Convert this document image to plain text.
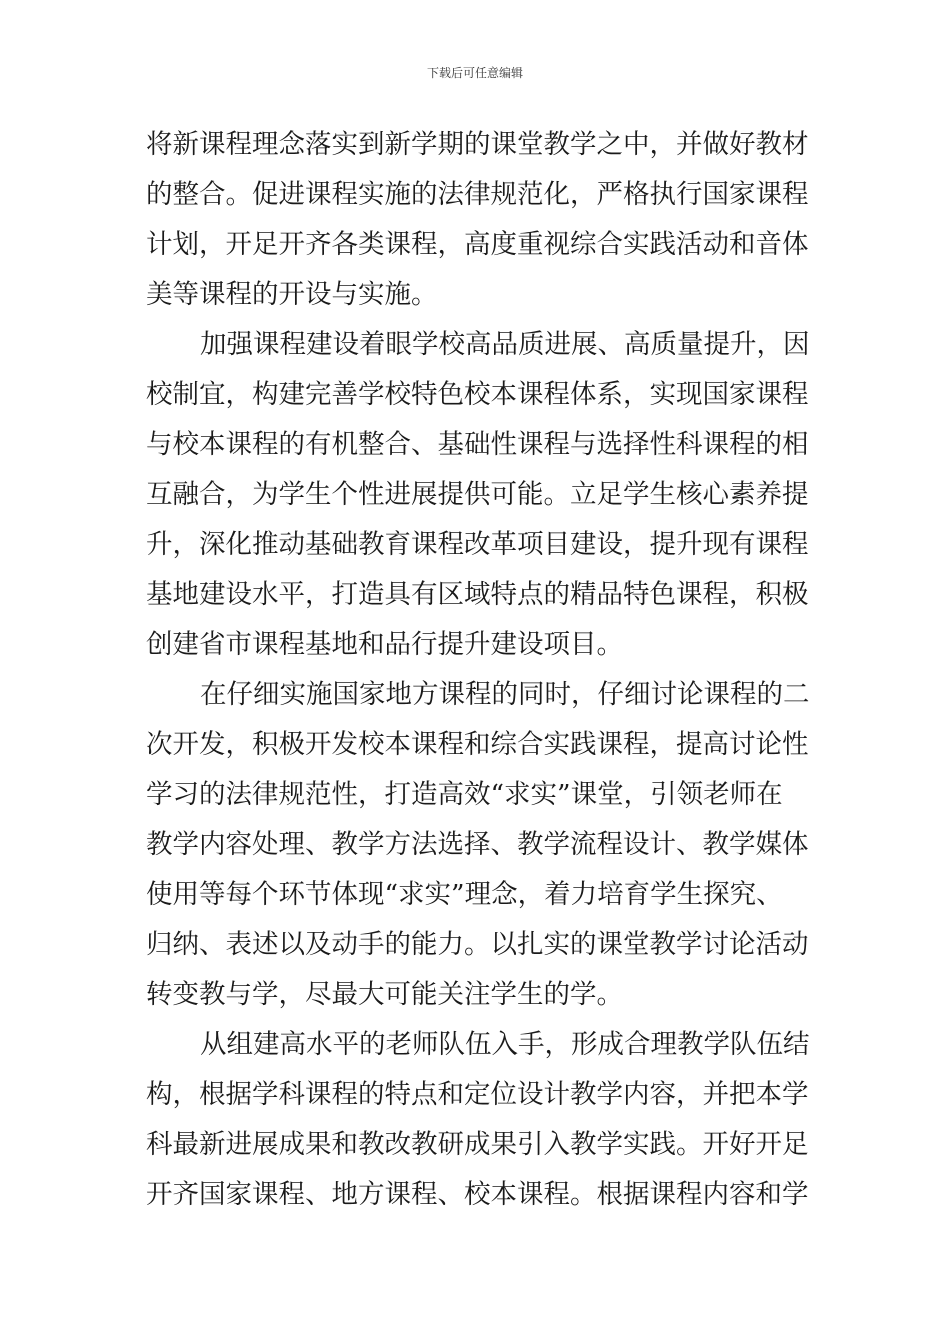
下载后可任意编辑
将新课程理念落实到新学期的课堂教学之中，并做好教材
的整合。促进课程实施的法律规范化，严格执行国家课程
计划，开足开齐各类课程，高度重视综合实践活动和音体
美等课程的开设与实施。
加强课程建设着眼学校高品质进展、高质量提升，因
校制宜，构建完善学校特色校本课程体系，实现国家课程
与校本课程的有机整合、基础性课程与选择性科课程的相
互融合，为学生个性进展提供可能。立足学生核心素养提
升，深化推动基础教育课程改革项目建设，提升现有课程
基地建设水平，打造具有区域特点的精品特色课程，积极
创建省市课程基地和品行提升建设项目。
在仔细实施国家地方课程的同时，仔细讨论课程的二
次开发，积极开发校本课程和综合实践课程，提高讨论性
学习的法律规范性，打造高效“求实”课堂，引领老师在
教学内容处理、教学方法选择、教学流程设计、教学媒体
使用等每个环节体现“求实”理念，着力培育学生探究、
归纳、表述以及动手的能力。以扎实的课堂教学讨论活动
转变教与学，尽最大可能关注学生的学。
从组建高水平的老师队伍入手，形成合理教学队伍结
构，根据学科课程的特点和定位设计教学内容，并把本学
科最新进展成果和教改教研成果引入教学实践。开好开足
开齐国家课程、地方课程、校本课程。根据课程内容和学
